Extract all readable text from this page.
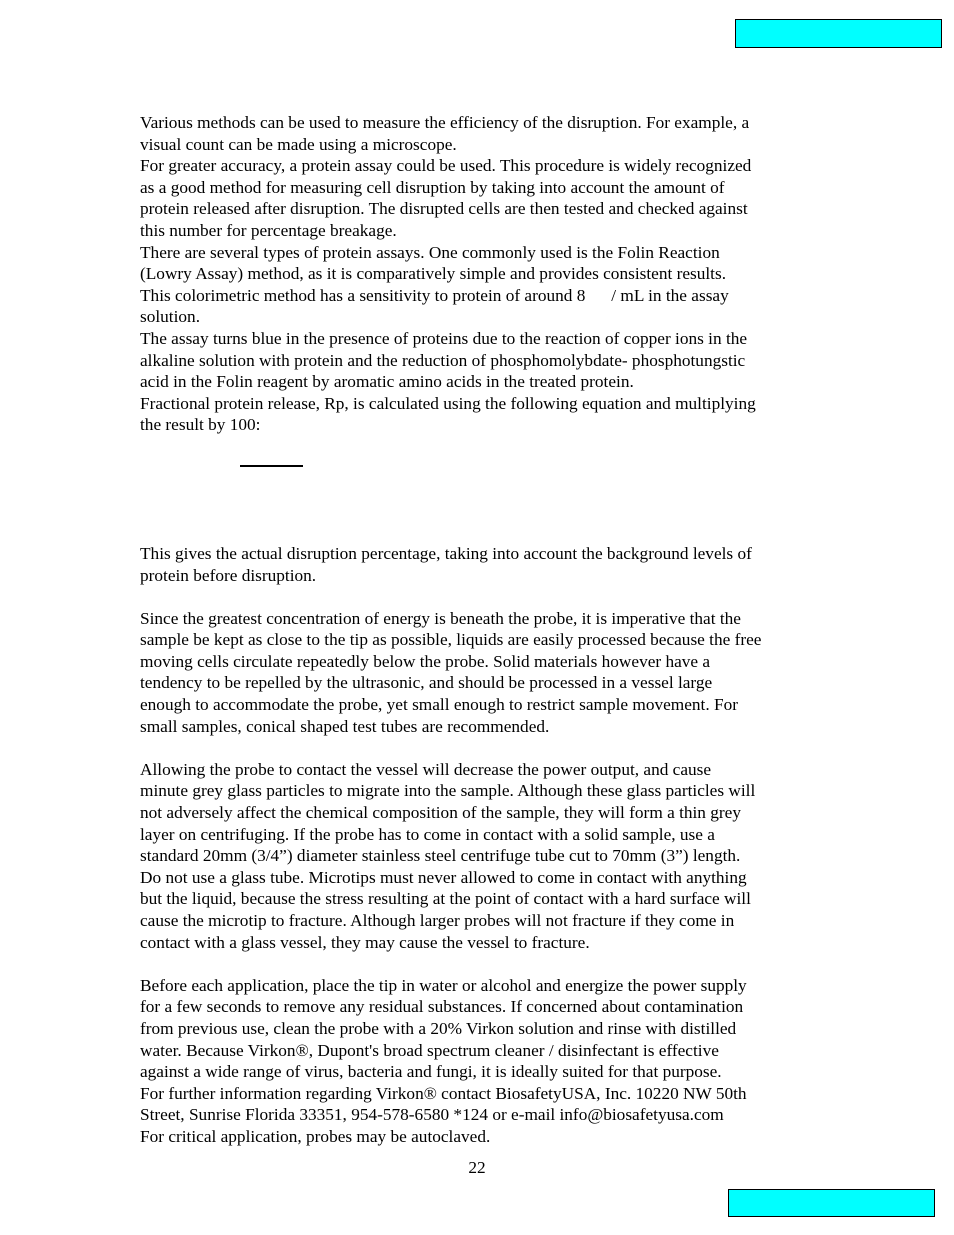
Various methods can be used to measure the efficiency of the disruption. For example, a

visual count can be made using a microscope.

For greater accuracy, a protein assay could be used. This procedure is widely recognized

as a good method for measuring cell disruption by taking into account the amount of

protein released after disruption. The disrupted cells are then tested and checked against

this number for percentage breakage.

There are several types of protein assays. One commonly used is the Folin Reaction

(Lowry Assay) method, as it is comparatively simple and provides consistent results.

This colorimetric method has a sensitivity to protein of around 8      / mL in the assay

solution.

The assay turns blue in the presence of proteins due to the reaction of copper ions in the

alkaline solution with protein and the reduction of phosphomolybdate- phosphotungstic

acid in the Folin reagent by aromatic amino acids in the treated protein.

Fractional protein release, Rp, is calculated using the following equation and multiplying

the result by 100:

This gives the actual disruption percentage, taking into account the background levels of

protein before disruption.

Since the greatest concentration of energy is beneath the probe, it is imperative that the

sample be kept as close to the tip as possible, liquids are easily processed because the free

moving cells circulate repeatedly below the probe. Solid materials however have a

tendency to be repelled by the ultrasonic, and should be processed in a vessel large

enough to accommodate the probe, yet small enough to restrict sample movement. For

small samples, conical shaped test tubes are recommended.

Allowing the probe to contact the vessel will decrease the power output, and cause

minute grey glass particles to migrate into the sample. Although these glass particles will

not adversely affect the chemical composition of the sample, they will form a thin grey

layer on centrifuging. If the probe has to come in contact with a solid sample, use a

standard 20mm (3/4”) diameter stainless steel centrifuge tube cut to 70mm (3”) length.

Do not use a glass tube. Microtips must never allowed to come in contact with anything

but the liquid, because the stress resulting at the point of contact with a hard surface will

cause the microtip to fracture. Although larger probes will not fracture if they come in

contact with a glass vessel, they may cause the vessel to fracture.

Before each application, place the tip in water or alcohol and energize the power supply

for a few seconds to remove any residual substances. If concerned about contamination

from previous use, clean the probe with a 20% Virkon solution and rinse with distilled

water. Because Virkon®, Dupont's broad spectrum cleaner / disinfectant is effective

against a wide range of virus, bacteria and fungi, it is ideally suited for that purpose.

For further information regarding Virkon® contact BiosafetyUSA, Inc. 10220 NW 50th

Street, Sunrise Florida 33351, 954-578-6580 *124 or e-mail info@biosafetyusa.com

For critical application, probes may be autoclaved.

22
